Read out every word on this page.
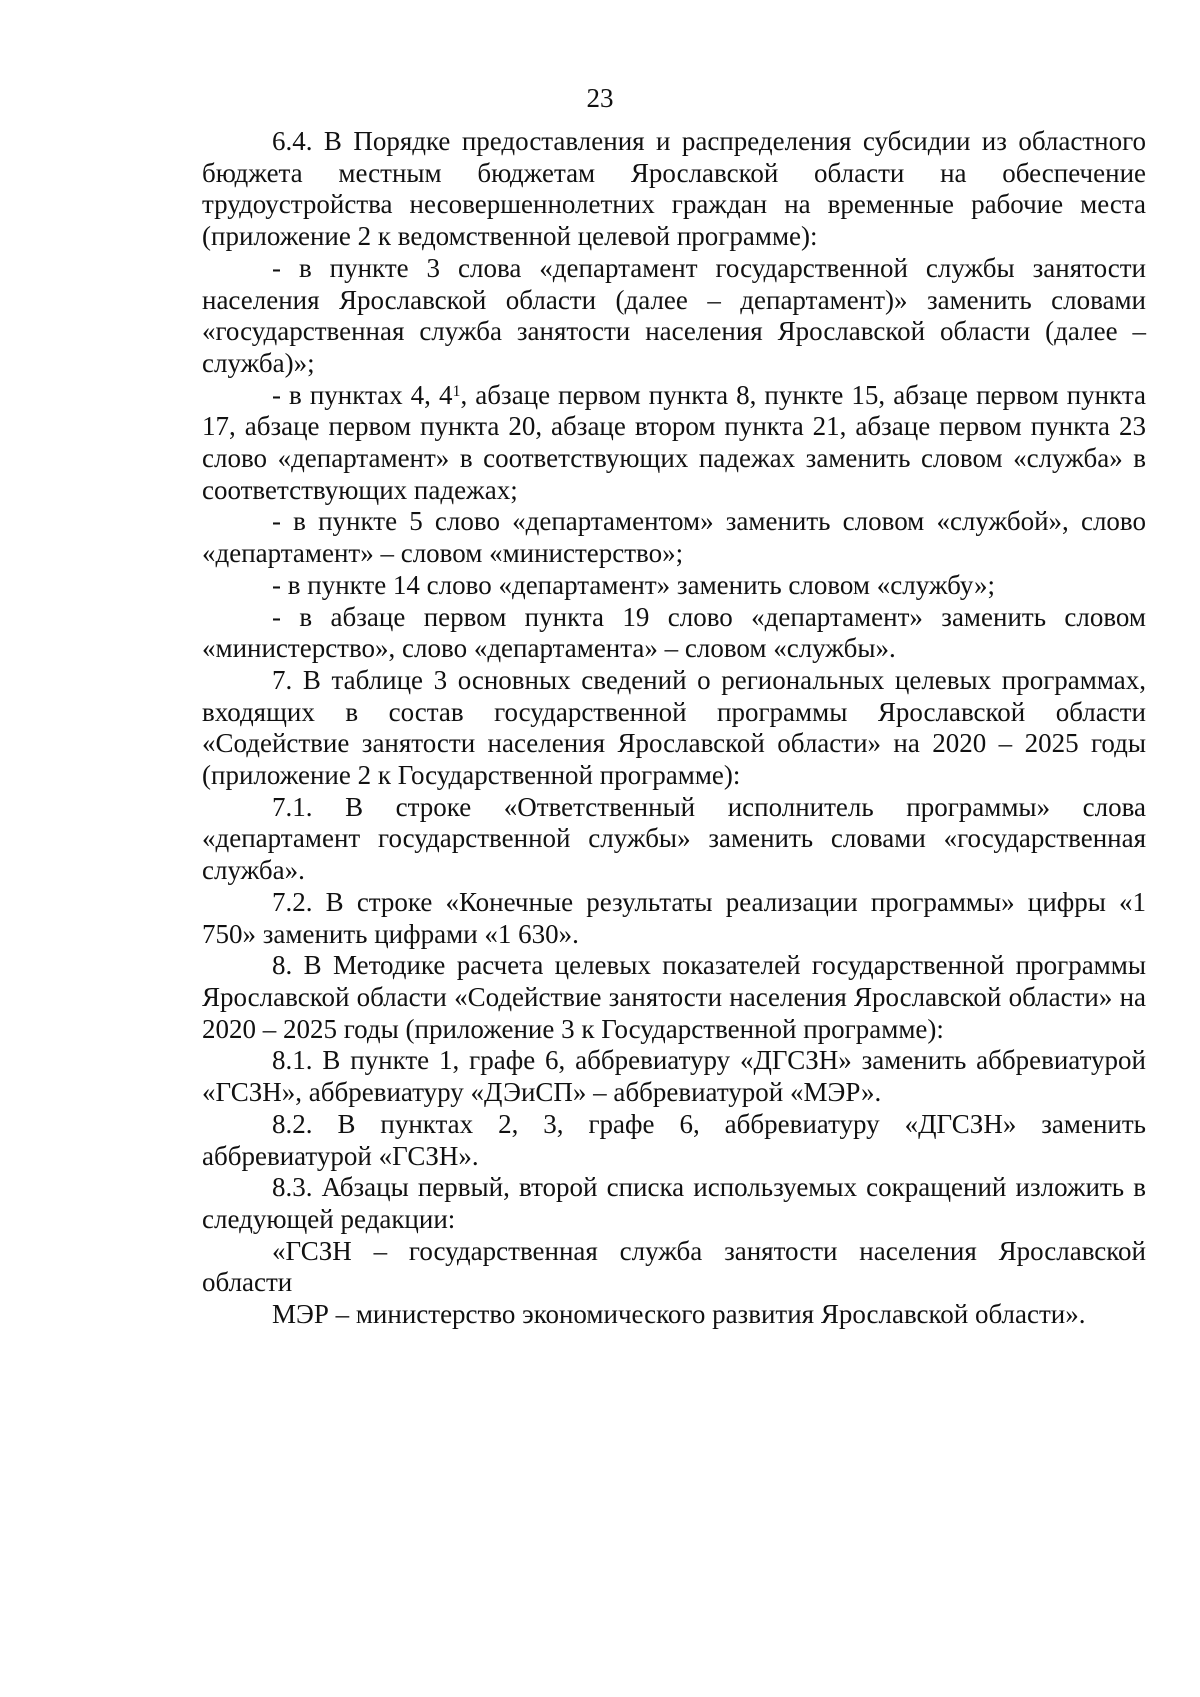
23

6.4. В Порядке предоставления и распределения субсидии из областного бюджета местным бюджетам Ярославской области на обеспечение трудоустройства несовершеннолетних граждан на временные рабочие места (приложение 2 к ведомственной целевой программе):

- в пункте 3 слова «департамент государственной службы занятости населения Ярославской области (далее – департамент)» заменить словами «государственная служба занятости населения Ярославской области (далее – служба)»;

- в пунктах 4, $4^1$, абзаце первом пункта 8, пункте 15, абзаце первом пункта 17, абзаце первом пункта 20, абзаце втором пункта 21, абзаце первом пункта 23 слово «департамент» в соответствующих падежах заменить словом «служба» в соответствующих падежах;

- в пункте 5 слово «департаментом» заменить словом «службой», слово «департамент» – словом «министерство»;

- в пункте 14 слово «департамент» заменить словом «службу»;

- в абзаце первом пункта 19 слово «департамент» заменить словом «министерство», слово «департамента» – словом «службы».

7. В таблице 3 основных сведений о региональных целевых программах, входящих в состав государственной программы Ярославской области «Содействие занятости населения Ярославской области» на 2020 – 2025 годы (приложение 2 к Государственной программе):

7.1. В строке «Ответственный исполнитель программы» слова «департамент государственной службы» заменить словами «государственная служба».

7.2. В строке «Конечные результаты реализации программы» цифры «1 750» заменить цифрами «1 630».

8. В Методике расчета целевых показателей государственной программы Ярославской области «Содействие занятости населения Ярославской области» на 2020 – 2025 годы (приложение 3 к Государственной программе):

8.1. В пункте 1, графе 6, аббревиатуру «ДГСЗН» заменить аббревиатурой «ГСЗН», аббревиатуру «ДЭиСП» – аббревиатурой «МЭР».

8.2. В пунктах 2, 3, графе 6, аббревиатуру «ДГСЗН» заменить аббревиатурой «ГСЗН».

8.3. Абзацы первый, второй списка используемых сокращений изложить в следующей редакции:

«ГСЗН – государственная служба занятости населения Ярославской области

МЭР – министерство экономического развития Ярославской области».
